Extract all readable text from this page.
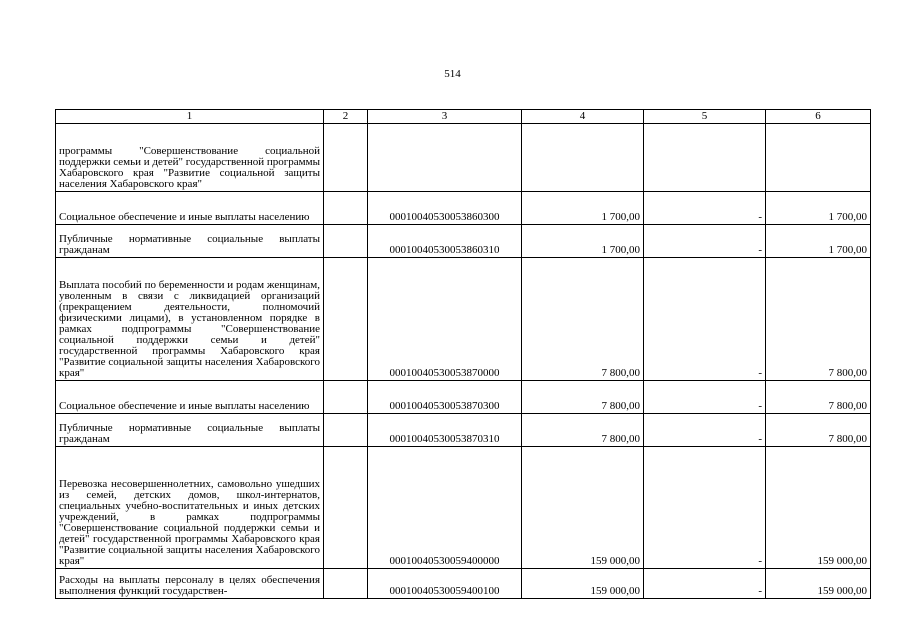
514
1	2	3	4	5	6
программы "Совершенствование социальной поддержки семьи и детей" государственной программы Хабаровского края "Развитие социальной защиты населения Хабаровского края"					
Социальное обеспечение и иные выплаты населению		00010040530053860300	1 700,00	-	1 700,00
Публичные нормативные социальные выплаты гражданам		00010040530053860310	1 700,00	-	1 700,00
Выплата пособий по беременности и родам женщинам, уволенным в связи с ликвидацией организаций (прекращением деятельности, полномочий физическими лицами), в установленном порядке в рамках подпрограммы "Совершенствование социальной поддержки семьи и детей" государственной программы Хабаровского края "Развитие социальной защиты населения Хабаровского края"		00010040530053870000	7 800,00	-	7 800,00
Социальное обеспечение и иные выплаты населению		00010040530053870300	7 800,00	-	7 800,00
Публичные нормативные социальные выплаты гражданам		00010040530053870310	7 800,00	-	7 800,00
Перевозка несовершеннолетних, самовольно ушедших из семей, детских домов, школ-интернатов, специальных учебно-воспитательных и иных детских учреждений, в рамках подпрограммы "Совершенствование социальной поддержки семьи и детей" государственной программы Хабаровского края "Развитие социальной защиты населения Хабаровского края"		00010040530059400000	159 000,00	-	159 000,00
Расходы на выплаты персоналу в целях обеспечения выполнения функций государствен-		00010040530059400100	159 000,00	-	159 000,00
